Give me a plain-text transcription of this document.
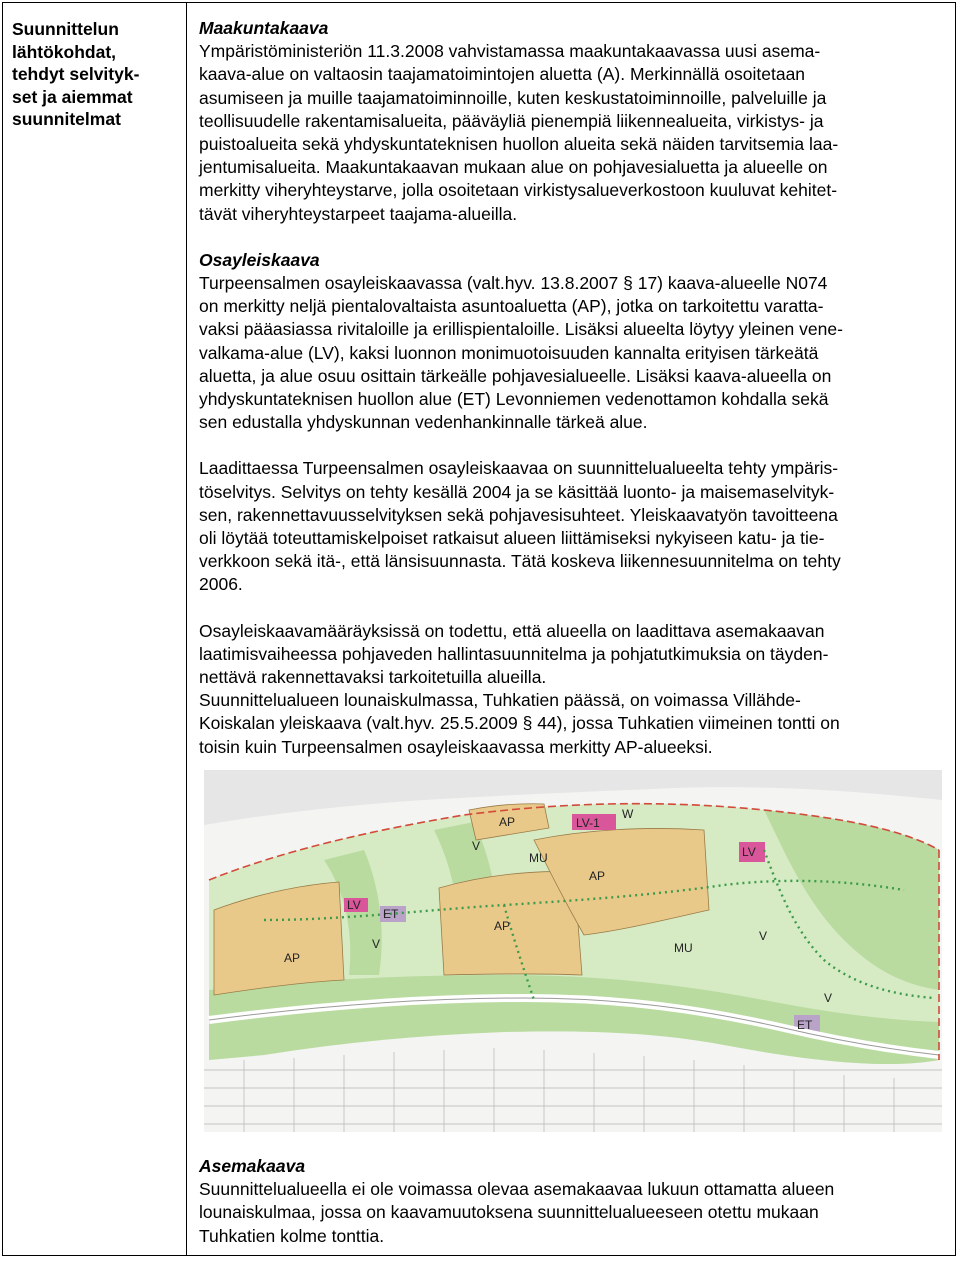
Suunnittelun
lähtökohdat,
tehdyt selvityk-
set ja aiemmat
suunnitelmat
Maakuntakaava
Ympäristöministeriön 11.3.2008 vahvistamassa maakuntakaavassa uusi asema-
kaava-alue on valtaosin taajamatoimintojen aluetta (A). Merkinnällä osoitetaan
asumiseen ja muille taajamatoiminnoille, kuten keskustatoiminnoille, palveluille ja
teollisuudelle rakentamisalueita, pääväyliä pienempiä liikennealueita, virkistys- ja
puistoalueita sekä yhdyskuntateknisen huollon alueita sekä näiden tarvitsemia laa-
jentumisalueita. Maakuntakaavan mukaan alue on pohjavesialuetta ja alueelle on
merkitty viheryhteystarve, jolla osoitetaan virkistysalueverkostoon kuuluvat kehitet-
tävät viheryhteystarpeet taajama-alueilla.
Osayleiskaava
Turpeensalmen osayleiskaavassa (valt.hyv. 13.8.2007 § 17) kaava-alueelle N074
on merkitty neljä pientalovaltaista asuntoaluetta (AP), jotka on tarkoitettu varatta-
vaksi pääasiassa rivitaloille ja erillispientaloille. Lisäksi alueelta löytyy yleinen vene-
valkama-alue (LV), kaksi luonnon monimuotoisuuden kannalta erityisen tärkeätä
aluetta, ja alue osuu osittain tärkeälle pohjavesialueelle. Lisäksi kaava-alueella on
yhdyskuntateknisen huollon alue (ET) Levonniemen vedenottamon kohdalla sekä
sen edustalla yhdyskunnan vedenhankinnalle tärkeä alue.
Laadittaessa Turpeensalmen osayleiskaavaa on suunnittelualueelta tehty ympäris-
töselvitys. Selvitys on tehty kesällä 2004 ja se käsittää luonto- ja maisemaselvityk-
sen, rakennettavuusselvityksen sekä pohjavesisuhteet. Yleiskaavatyön tavoitteena
oli löytää toteuttamiskelpoiset ratkaisut alueen liittämiseksi nykyiseen katu- ja tie-
verkkoon sekä itä-, että länsisuunnasta. Tätä koskeva liikennesuunnitelma on tehty
2006.
Osayleiskaavamääräyksissä on todettu, että alueella on laadittava asemakaavan
laatimisvaiheessa pohjaveden hallintasuunnitelma ja pohjatutkimuksia on täyden-
nettävä rakennettavaksi tarkoitetuilla alueilla.
Suunnittelualueen lounaiskulmassa, Tuhkatien päässä, on voimassa Villähde-
Koiskalan yleiskaava (valt.hyv. 25.5.2009 § 44), jossa Tuhkatien viimeinen tontti on
toisin kuin Turpeensalmen osayleiskaavassa merkitty AP-alueeksi.
AP
AP
AP
AP
MU
MU
LV-1
LV
LV
ET
ET
V
V
V
V
W
Asemakaava
Suunnittelualueella ei ole voimassa olevaa asemakaavaa lukuun ottamatta alueen
lounaiskulmaa, jossa on kaavamuutoksena suunnittelualueeseen otettu mukaan
Tuhkatien kolme tonttia.
